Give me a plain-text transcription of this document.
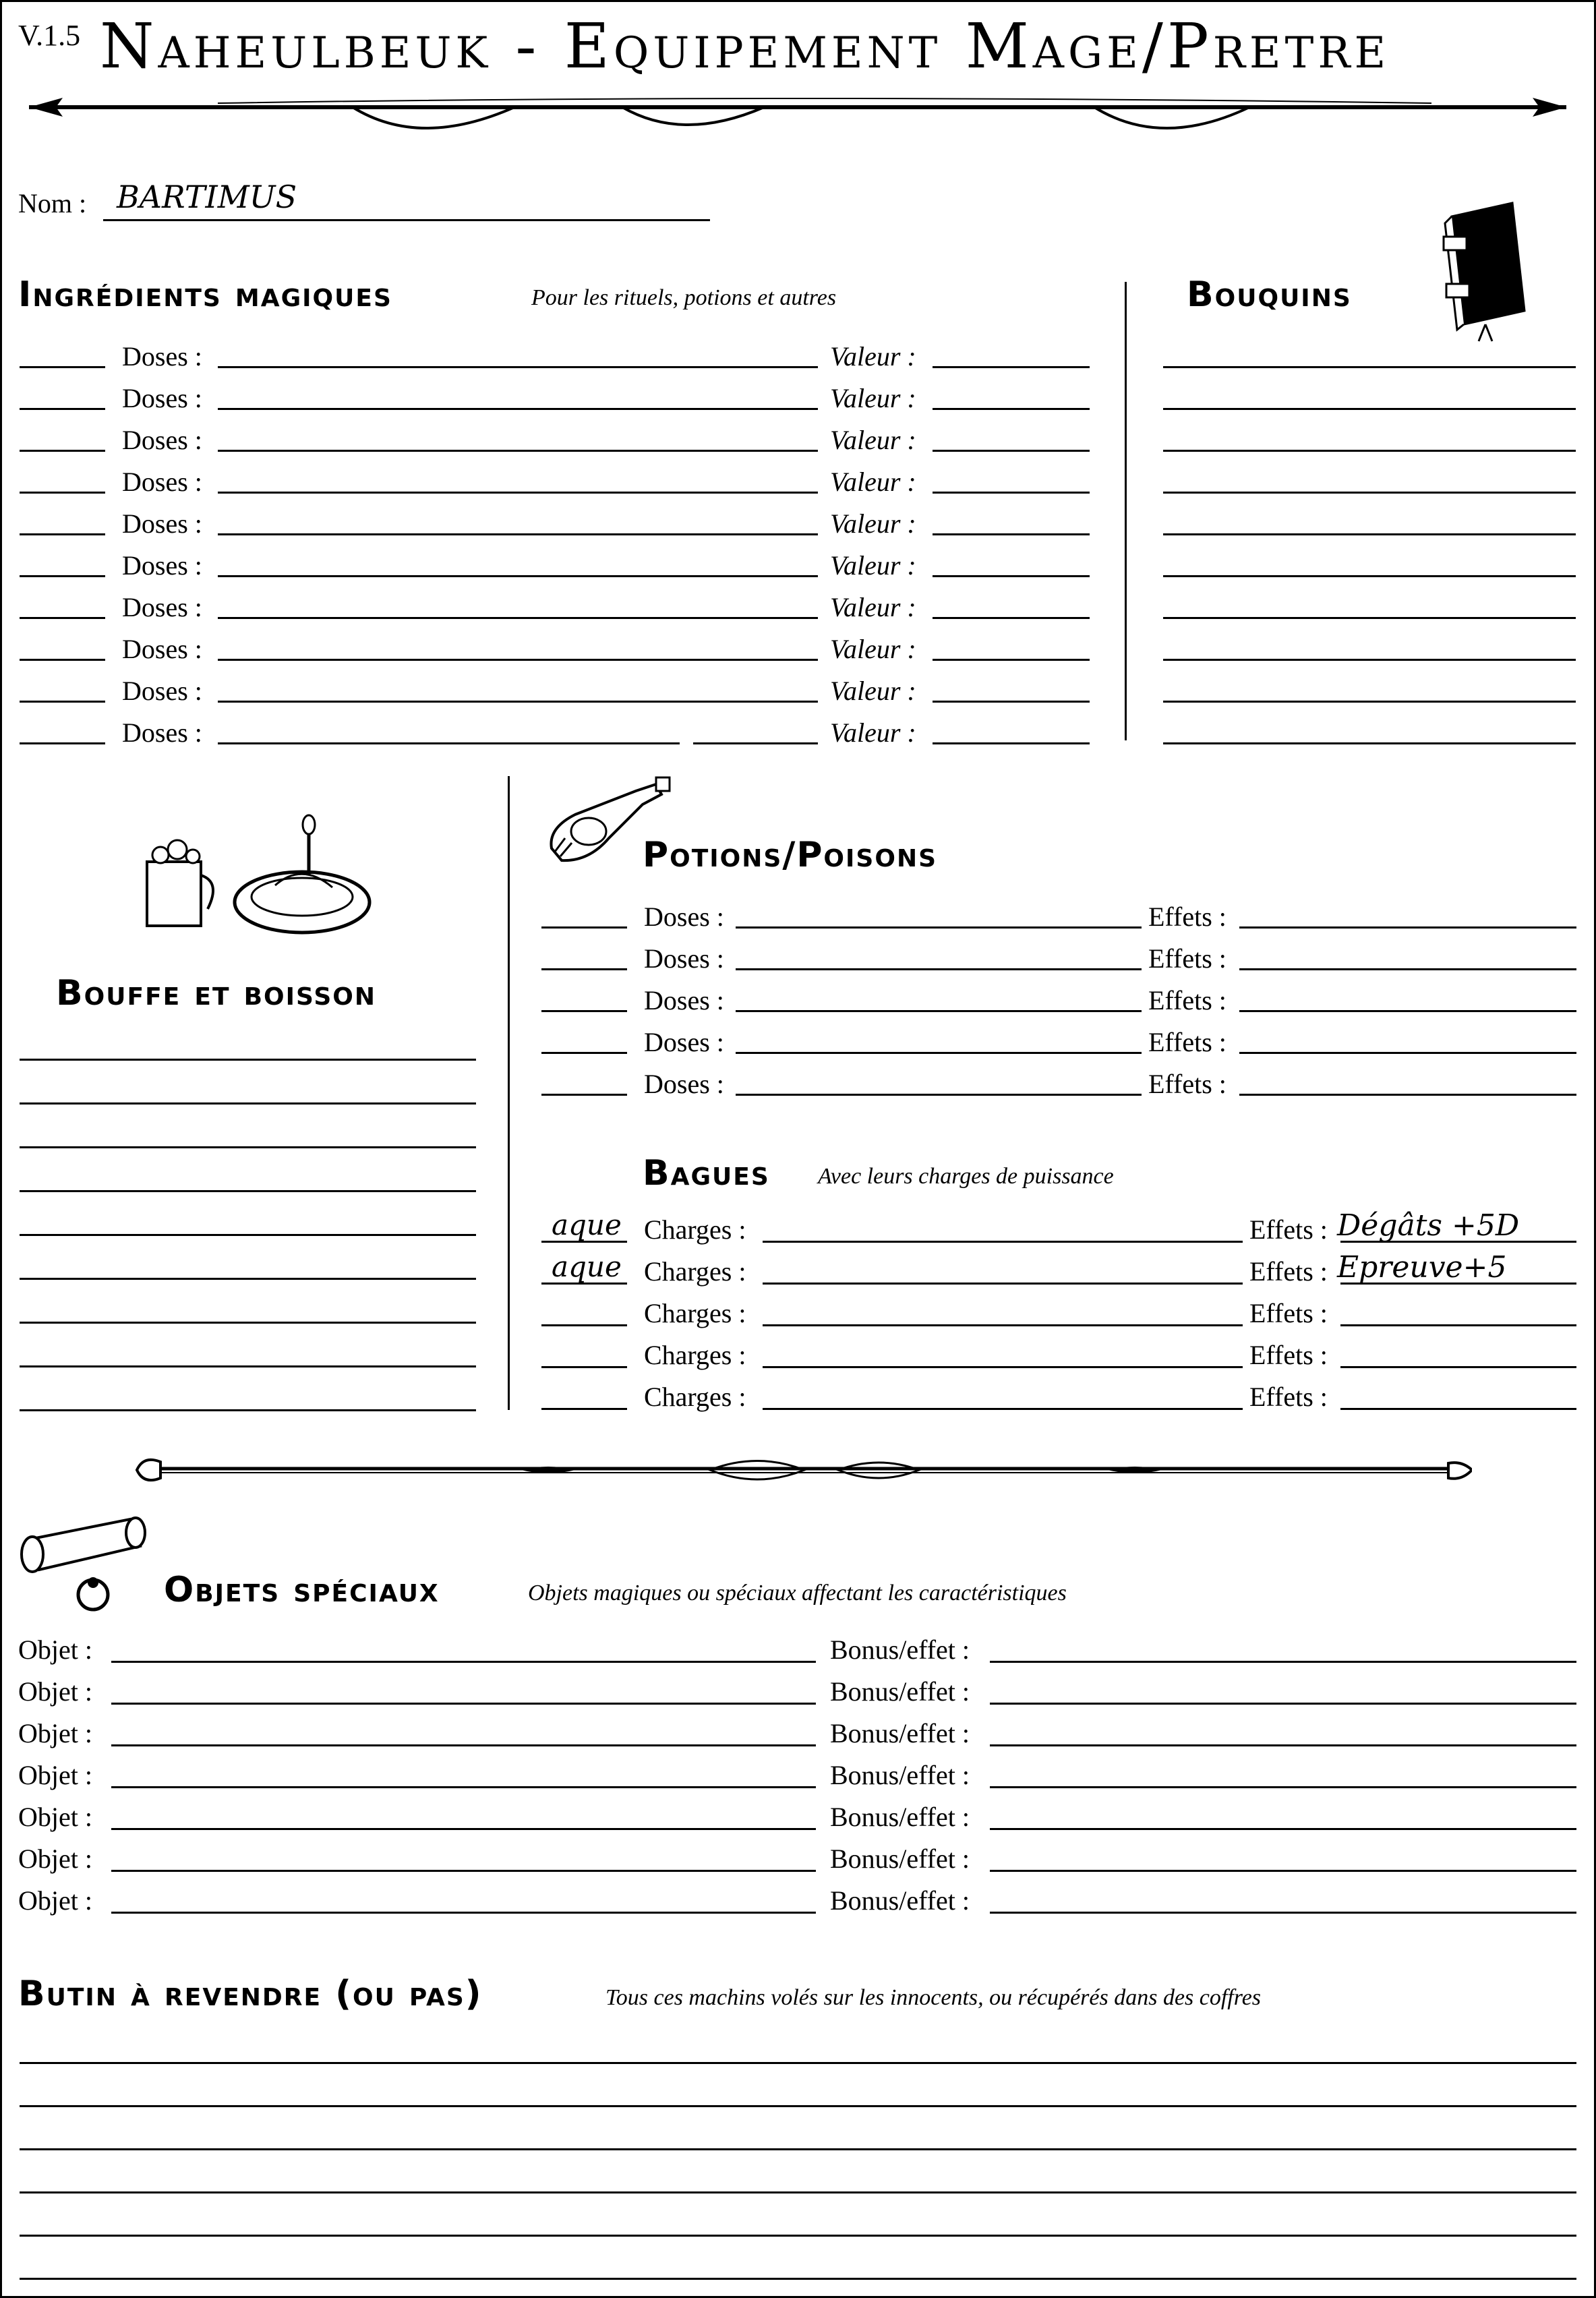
V.1.5 Naheulbeuk - Equipement Mage/Pretre
Nom : BARTIMUS
Ingrédients magiques	Pour les rituels, potions et autres
Doses :	Valeur :
Doses :	Valeur :
Doses :	Valeur :
Doses :	Valeur :
Doses :	Valeur :
Doses :	Valeur :
Doses :	Valeur :
Doses :	Valeur :
Doses :	Valeur :
Doses :	Valeur :
Bouquins
Bouffe et boisson
Potions/Poisons
Doses :	Effets :
Doses :	Effets :
Doses :	Effets :
Doses :	Effets :
Doses :	Effets :
Bagues Avec leurs charges de puissance
aque Charges :	Effets : Dégâts +5D
aque Charges :	Effets : Epreuve+5
Charges :	Effets :
Charges :	Effets :
Charges :	Effets :
Objets spéciaux	Objets magiques ou spéciaux affectant les caractéristiques
Objet :	Bonus/effet :
Objet :	Bonus/effet :
Objet :	Bonus/effet :
Objet :	Bonus/effet :
Objet :	Bonus/effet :
Objet :	Bonus/effet :
Objet :	Bonus/effet :
Butin à revendre (ou pas)	Tous ces machins volés sur les innocents, ou récupérés dans des coffres
